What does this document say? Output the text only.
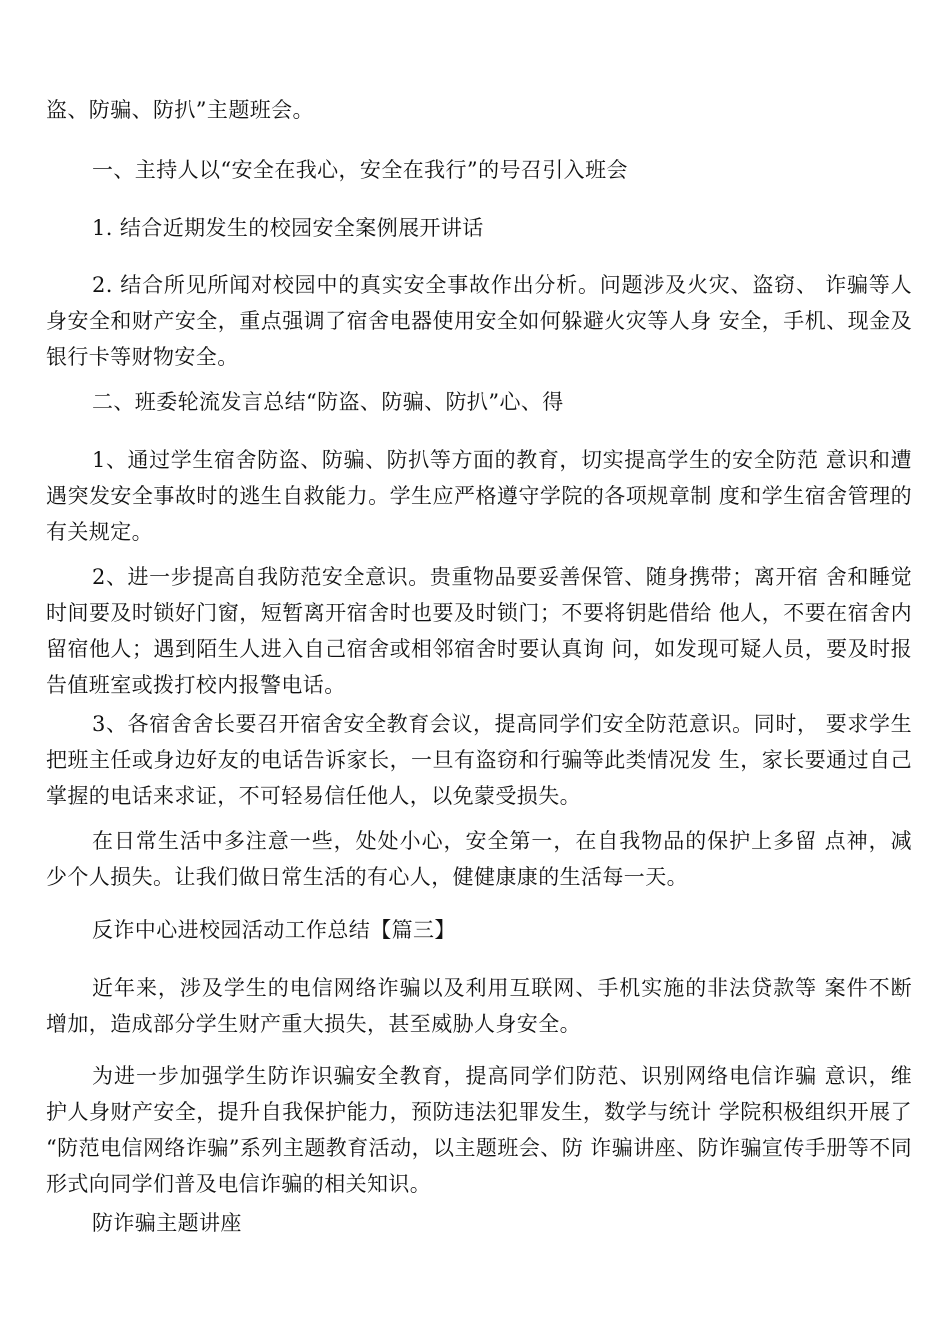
盗、防骗、防扒”主题班会。

一、主持人以“安全在我心，安全在我行”的号召引入班会

1. 结合近期发生的校园安全案例展开讲话

2. 结合所见所闻对校园中的真实安全事故作出分析。问题涉及火灾、盗窃、 诈骗等人身安全和财产安全，重点强调了宿舍电器使用安全如何躲避火灾等人身 安全，手机、现金及银行卡等财物安全。

二、班委轮流发言总结“防盗、防骗、防扒”心、得

1、通过学生宿舍防盗、防骗、防扒等方面的教育，切实提高学生的安全防范 意识和遭遇突发安全事故时的逃生自救能力。学生应严格遵守学院的各项规章制 度和学生宿舍管理的有关规定。

2、进一步提高自我防范安全意识。贵重物品要妥善保管、随身携带；离开宿 舍和睡觉时间要及时锁好门窗，短暂离开宿舍时也要及时锁门；不要将钥匙借给 他人，不要在宿舍内留宿他人；遇到陌生人进入自己宿舍或相邻宿舍时要认真询 问，如发现可疑人员，要及时报告值班室或拨打校内报警电话。

3、各宿舍舍长要召开宿舍安全教育会议，提高同学们安全防范意识。同时， 要求学生把班主任或身边好友的电话告诉家长，一旦有盗窃和行骗等此类情况发 生，家长要通过自己掌握的电话来求证，不可轻易信任他人，以免蒙受损失。

在日常生活中多注意一些，处处小心，安全第一，在自我物品的保护上多留 点神，减少个人损失。让我们做日常生活的有心人，健健康康的生活每一天。

反诈中心进校园活动工作总结【篇三】

近年来，涉及学生的电信网络诈骗以及利用互联网、手机实施的非法贷款等 案件不断增加，造成部分学生财产重大损失，甚至威胁人身安全。

为进一步加强学生防诈识骗安全教育，提高同学们防范、识别网络电信诈骗 意识，维护人身财产安全，提升自我保护能力，预防违法犯罪发生，数学与统计 学院积极组织开展了 “防范电信网络诈骗”系列主题教育活动，以主题班会、防 诈骗讲座、防诈骗宣传手册等不同形式向同学们普及电信诈骗的相关知识。

防诈骗主题讲座
